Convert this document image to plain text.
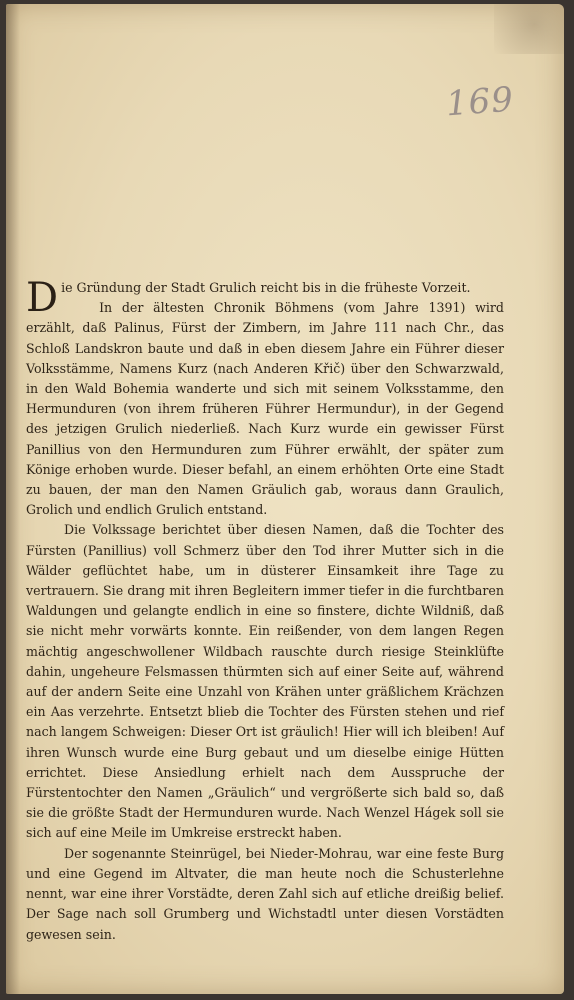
169

Die Gründung der Stadt Grulich reicht bis in die früheste Vorzeit.

In der ältesten Chronik Böhmens (vom Jahre 1391) wird erzählt, daß Palinus, Fürst der Zimbern, im Jahre 111 nach Chr., das Schloß Landskron baute und daß in eben diesem Jahre ein Führer dieser Volksstämme, Namens Kurz (nach Anderen Křič) über den Schwarzwald, in den Wald Bohemia wanderte und sich mit seinem Volksstamme, den Hermunduren (von ihrem früheren Führer Hermundur), in der Gegend des jetzigen Grulich niederließ. Nach Kurz wurde ein gewisser Fürst Panillius von den Hermunduren zum Führer erwählt, der später zum Könige erhoben wurde. Dieser befahl, an einem erhöhten Orte eine Stadt zu bauen, der man den Namen Gräulich gab, woraus dann Graulich, Grolich und endlich Grulich entstand.

Die Volkssage berichtet über diesen Namen, daß die Tochter des Fürsten (Panillius) voll Schmerz über den Tod ihrer Mutter sich in die Wälder geflüchtet habe, um in düsterer Einsamkeit ihre Tage zu vertrauern. Sie drang mit ihren Begleitern immer tiefer in die furchtbaren Waldungen und gelangte endlich in eine so finstere, dichte Wildniß, daß sie nicht mehr vorwärts konnte. Ein reißender, von dem langen Regen mächtig angeschwollener Wildbach rauschte durch riesige Steinklüfte dahin, ungeheure Felsmassen thürmten sich auf einer Seite auf, während auf der andern Seite eine Unzahl von Krähen unter gräßlichem Krächzen ein Aas verzehrte. Entsetzt blieb die Tochter des Fürsten stehen und rief nach langem Schweigen: Dieser Ort ist gräulich! Hier will ich bleiben! Auf ihren Wunsch wurde eine Burg gebaut und um dieselbe einige Hütten errichtet. Diese Ansiedlung erhielt nach dem Ausspruche der Fürstentochter den Namen „Gräulich“ und vergrößerte sich bald so, daß sie die größte Stadt der Hermunduren wurde. Nach Wenzel Hágek soll sie sich auf eine Meile im Umkreise erstreckt haben.

Der sogenannte Steinrügel, bei Nieder-Mohrau, war eine feste Burg und eine Gegend im Altvater, die man heute noch die Schusterlehne nennt, war eine ihrer Vorstädte, deren Zahl sich auf etliche dreißig belief. Der Sage nach soll Grumberg und Wichstadtl unter diesen Vorstädten gewesen sein.
